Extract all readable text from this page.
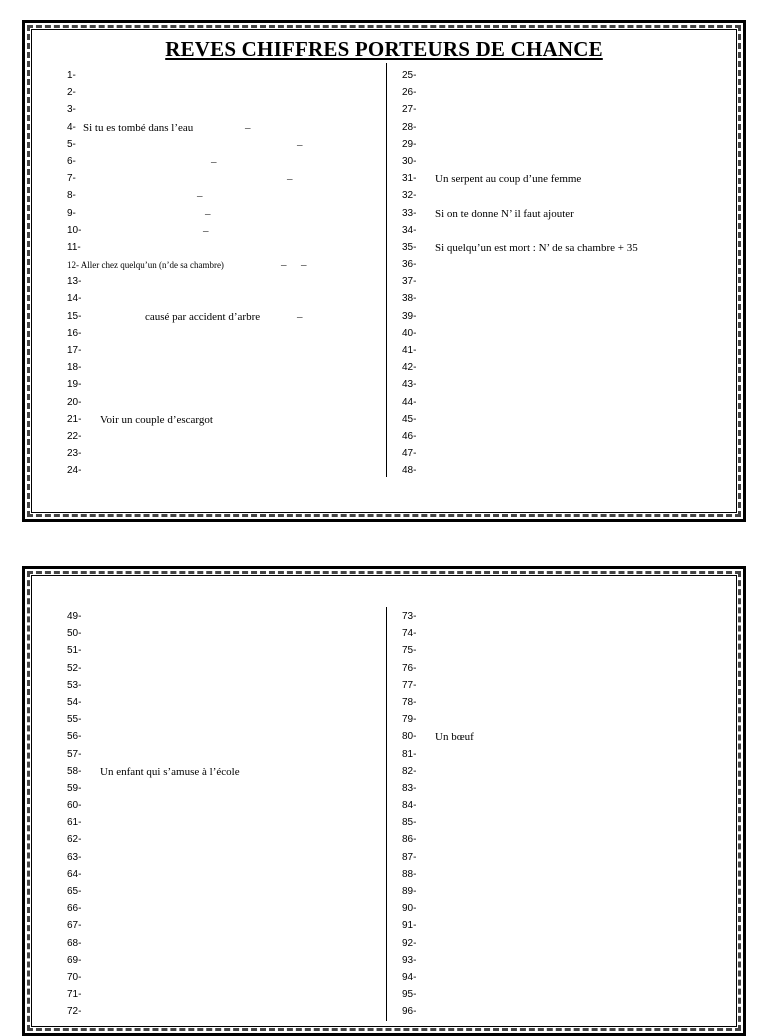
REVES CHIFFRES PORTEURS DE CHANCE
1-
2-
3-
4- Si tu es tombé dans l’eau	–
5-	–
6-	–
7-	–
8-	–
9-	–
10-	–
11-
12- Aller chez quelqu’un (n’de sa chambre)	– –
13-
14-
15-	causé par accident d’arbre	–
16-
17-
18-
19-
20-
21- Voir un couple d’escargot
22-
23-
24-
25-
26-
27-
28-
29-
30-
31- Un serpent au coup d’une femme
32-
33- Si on te donne N’ il faut ajouter
34-
35- Si quelqu’un est mort : N’ de sa chambre + 35
36-
37-
38-
39-
40-
41-
42-
43-
44-
45-
46-
47-
48-
49-
50-
51-
52-
53-
54-
55-
56-
57-
58- Un enfant qui s’amuse à l’école
59-
60-
61-
62-
63-
64-
65-
66-
67-
68-
69-
70-
71-
72-
73-
74-
75-
76-
77-
78-
79-
80- Un bœuf
81-
82-
83-
84-
85-
86-
87-
88-
89-
90-
91-
92-
93-
94-
95-
96-
